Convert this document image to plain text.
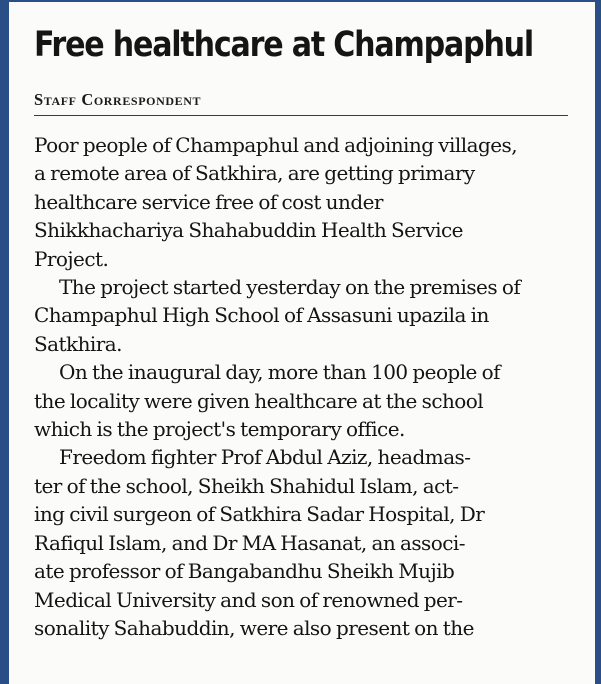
Free healthcare at Champaphul
Staff Correspondent
Poor people of Champaphul and adjoining villages,
a remote area of Satkhira, are getting primary
healthcare service free of cost under
Shikkhachariya Shahabuddin Health Service
Project.
The project started yesterday on the premises of
Champaphul High School of Assasuni upazila in
Satkhira.
On the inaugural day, more than 100 people of
the locality were given healthcare at the school
which is the project's temporary office.
Freedom fighter Prof Abdul Aziz, headmas-
ter of the school, Sheikh Shahidul Islam, act-
ing civil surgeon of Satkhira Sadar Hospital, Dr
Rafiqul Islam, and Dr MA Hasanat, an associ-
ate professor of Bangabandhu Sheikh Mujib
Medical University and son of renowned per-
sonality Sahabuddin, were also present on the
